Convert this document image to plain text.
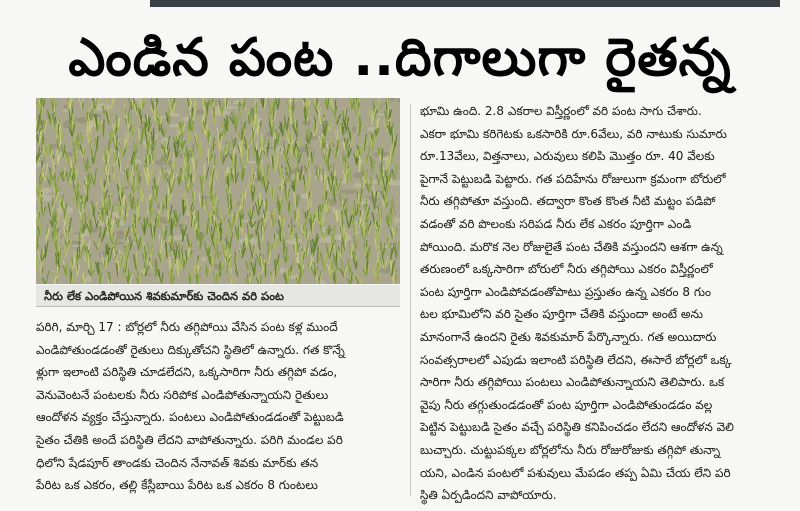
ఎండిన పంట ..దిగాలుగా రైతన్న
నీరు లేక ఎండిపోయిన శివకుమార్‌కు చెందిన వరి పంట
పరిగి, మార్చి 17 : బోర్లలో నీరు తగ్గిపోయి వేసిన పంట కళ్ల ముందే
ఎండిపోతుండడంతో రైతులు దిక్కుతోచని స్థితిలో ఉన్నారు. గత కొన్నే
ళ్లుగా ఇలాంటి పరిస్థితి చూడలేదని, ఒక్కసారిగా నీరు తగ్గిపో వడం,
వెనువెంటనే పంటలకు నీరు సరిపోక ఎండిపోతున్నాయని రైతులు
ఆందోళన వ్యక్తం చేస్తున్నారు. పంటలు ఎండిపోతుండడంతో పెట్టుబడి
సైతం చేతికి అందే పరిస్థితి లేదని వాపోతున్నారు. పరిగి మండల పరి
ధిలోని షేడపూర్ తాండకు చెందిన నేనావత్ శివకు మార్‌కు తన
పేరిట ఒక ఎకరం, తల్లి కేస్లీబాయి పేరిట ఒక ఎకరం 8 గుంటలు
భూమి ఉంది. 2.8 ఎకరాల విస్తీర్ణంలో వరి పంట సాగు చేశారు.
ఎకరా భూమి కరిగెటకు ఒకసారికి రూ.6వేలు, వరి నాటుకు సుమారు
రూ.13వేలు, విత్తనాలు, ఎరువులు కలిపి మొత్తం రూ. 40 వేలకు
పైగానే పెట్టుబడి పెట్టారు. గత పదిహేను రోజులుగా క్రమంగా బోరులో
నీరు తగ్గిపోతూ వస్తుంది. తద్వారా కొంత కొంత నీటి మట్టం పడిపో
వడంతో వరి పొలంకు సరిపడ నీరు లేక ఎకరం పూర్తిగా ఎండి
పోయింది. మరొక నెల రోజులైతే పంట చేతికి వస్తుందని ఆశగా ఉన్న
తరుణంలో ఒక్కసారిగా బోరులో నీరు తగ్గిపోయి ఎకరం విస్తీర్ణంలో
పంట పూర్తిగా ఎండిపోవడంతోపాటు ప్రస్తుతం ఉన్న ఎకరం 8 గుం
టల భూమిలోని వరి సైతం పూర్తిగా చేతికి వస్తుందా అంటే అను
మానంగానే ఉందని రైతు శివకుమార్ పేర్కొన్నారు. గత అయిదారు
సంవత్సరాలలో ఎపుడు ఇలాంటి పరిస్థితి లేదని, ఈసారే బోర్లలో ఒక్క
సారిగా నీరు తగ్గిపోయి పంటలు ఎండిపోతున్నాయని తెలిపారు. ఒక
వైపు నీరు తగ్గుతుండడంతో పంట పూర్తిగా ఎండిపోతుండడం వల్ల
పెట్టిన పెట్టుబడి సైతం వచ్చే పరిస్థితి కనిపించడం లేదని ఆందోళన వెలి
బుచ్చారు. చుట్టుపక్కల బోర్లలోను నీరు రోజురోజుకు తగ్గిపో తున్నా
యని, ఎండిన పంటలో పశువులు మేపడం తప్ప ఏమి చేయ లేని పరి
స్థితి ఏర్పడిందని వాపోయారు.
